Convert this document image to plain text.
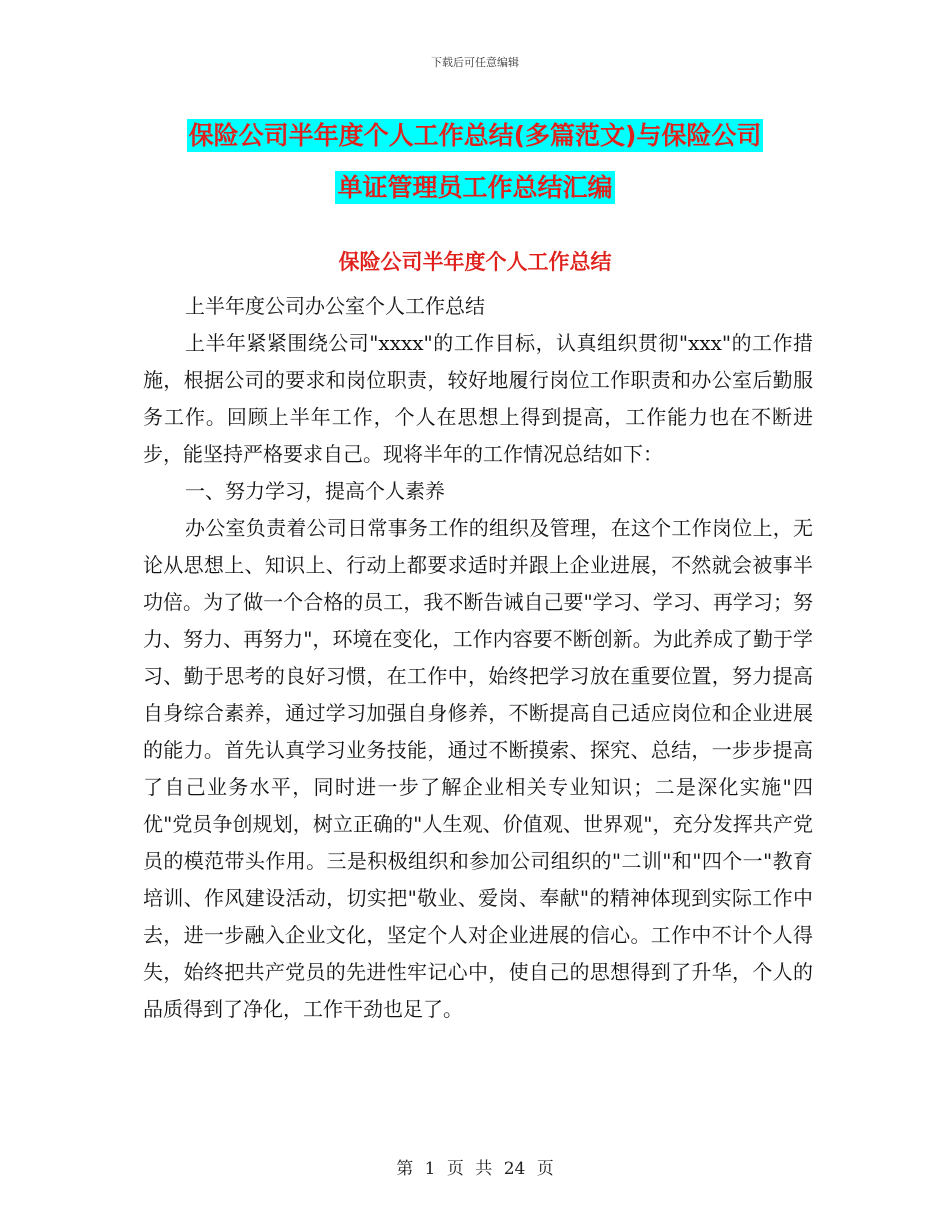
下载后可任意编辑
保险公司半年度个人工作总结(多篇范文)与保险公司
单证管理员工作总结汇编
保险公司半年度个人工作总结

上半年度公司办公室个人工作总结

上半年紧紧围绕公司"xxxx"的工作目标，认真组织贯彻"xxx"的工作措施，根据公司的要求和岗位职责，较好地履行岗位工作职责和办公室后勤服务工作。回顾上半年工作，个人在思想上得到提高，工作能力也在不断进步，能坚持严格要求自己。现将半年的工作情况总结如下：

一、努力学习，提高个人素养

办公室负责着公司日常事务工作的组织及管理，在这个工作岗位上，无论从思想上、知识上、行动上都要求适时并跟上企业进展，不然就会被事半功倍。为了做一个合格的员工，我不断告诫自己要"学习、学习、再学习；努力、努力、再努力"，环境在变化，工作内容要不断创新。为此养成了勤于学习、勤于思考的良好习惯，在工作中，始终把学习放在重要位置，努力提高自身综合素养，通过学习加强自身修养，不断提高自己适应岗位和企业进展的能力。首先认真学习业务技能，通过不断摸索、探究、总结，一步步提高了自己业务水平，同时进一步了解企业相关专业知识；二是深化实施"四优"党员争创规划，树立正确的"人生观、价值观、世界观"，充分发挥共产党员的模范带头作用。三是积极组织和参加公司组织的"二训"和"四个一"教育培训、作风建设活动，切实把"敬业、爱岗、奉献"的精神体现到实际工作中去，进一步融入企业文化，坚定个人对企业进展的信心。工作中不计个人得失，始终把共产党员的先进性牢记心中，使自己的思想得到了升华，个人的品质得到了净化，工作干劲也足了。

第 1 页 共 24 页
